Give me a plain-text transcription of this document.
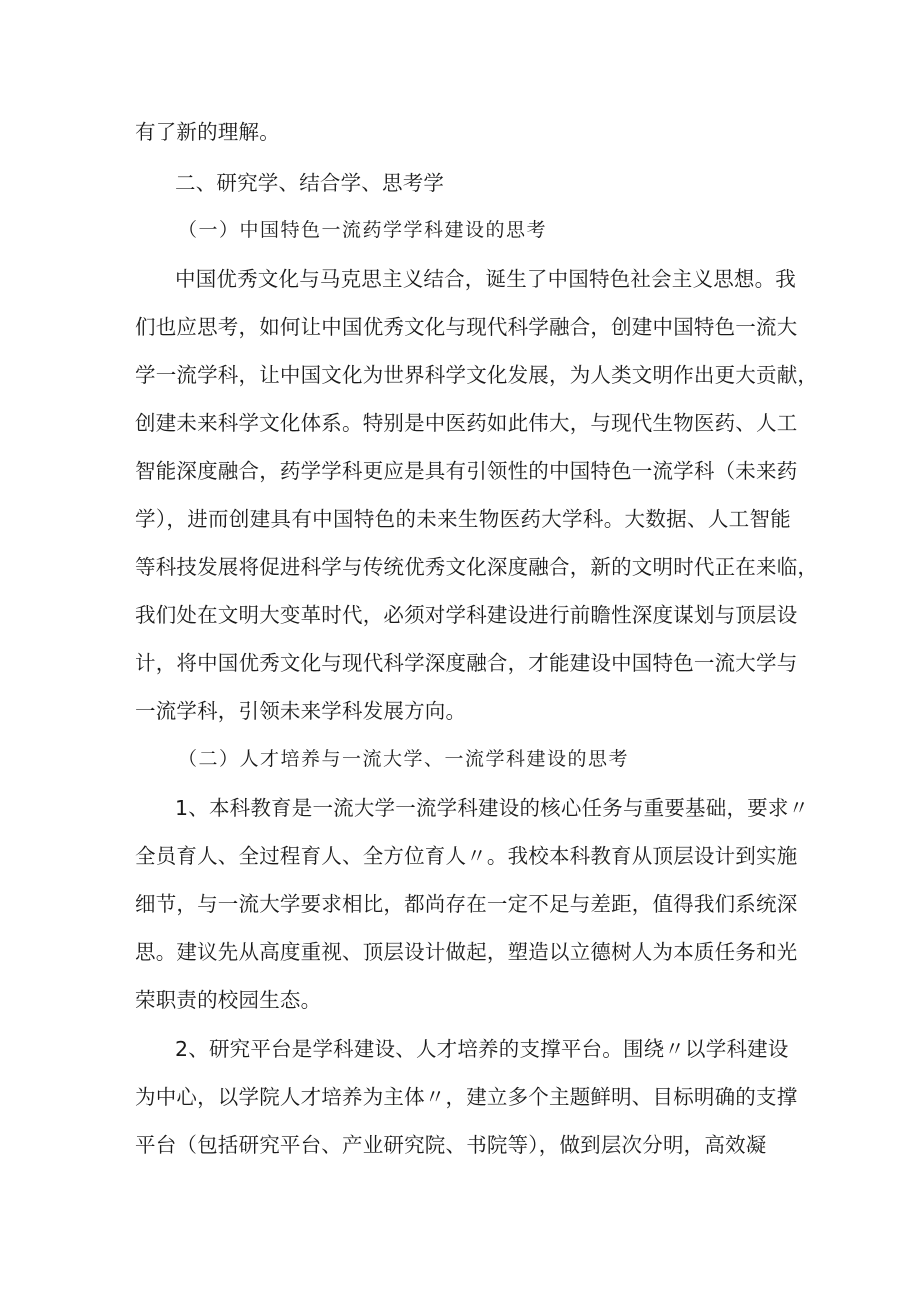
有了新的理解。
二、研究学、结合学、思考学
（一）中国特色一流药学学科建设的思考
中国优秀文化与马克思主义结合，诞生了中国特色社会主义思想。我
们也应思考，如何让中国优秀文化与现代科学融合，创建中国特色一流大
学一流学科，让中国文化为世界科学文化发展，为人类文明作出更大贡献，
创建未来科学文化体系。特别是中医药如此伟大，与现代生物医药、人工
智能深度融合，药学学科更应是具有引领性的中国特色一流学科（未来药
学），进而创建具有中国特色的未来生物医药大学科。大数据、人工智能
等科技发展将促进科学与传统优秀文化深度融合，新的文明时代正在来临，
我们处在文明大变革时代，必须对学科建设进行前瞻性深度谋划与顶层设
计，将中国优秀文化与现代科学深度融合，才能建设中国特色一流大学与
一流学科，引领未来学科发展方向。
（二）人才培养与一流大学、一流学科建设的思考
1、本科教育是一流大学一流学科建设的核心任务与重要基础，要求〃
全员育人、全过程育人、全方位育人〃。我校本科教育从顶层设计到实施
细节，与一流大学要求相比，都尚存在一定不足与差距，值得我们系统深
思。建议先从高度重视、顶层设计做起，塑造以立德树人为本质任务和光
荣职责的校园生态。
2、研究平台是学科建设、人才培养的支撑平台。围绕〃以学科建设
为中心，以学院人才培养为主体〃，建立多个主题鲜明、目标明确的支撑
平台（包括研究平台、产业研究院、书院等），做到层次分明，高效凝
